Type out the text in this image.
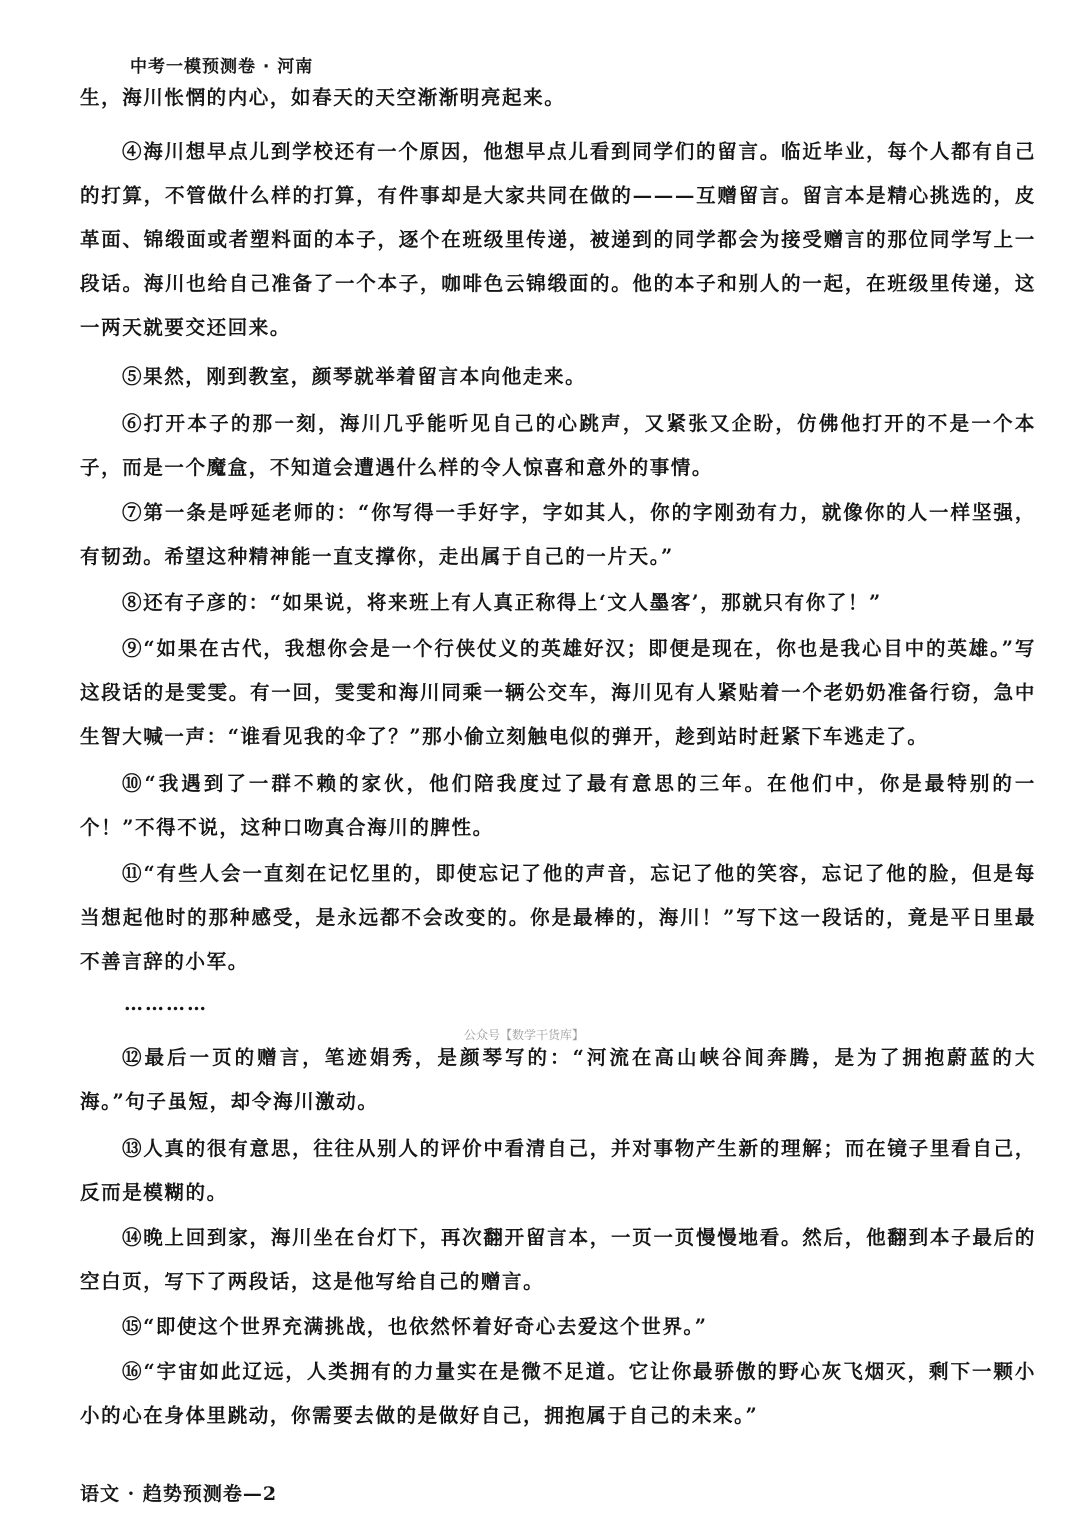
中考一模预测卷 · 河南

生，海川怅惘的内心，如春天的天空渐渐明亮起来。

④海川想早点儿到学校还有一个原因，他想早点儿看到同学们的留言。临近毕业，每个人都有自己的打算，不管做什么样的打算，有件事却是大家共同在做的———互赠留言。留言本是精心挑选的，皮革面、锦缎面或者塑料面的本子，逐个在班级里传递，被递到的同学都会为接受赠言的那位同学写上一段话。海川也给自己准备了一个本子，咖啡色云锦缎面的。他的本子和别人的一起，在班级里传递，这一两天就要交还回来。

⑤果然，刚到教室，颜琴就举着留言本向他走来。

⑥打开本子的那一刻，海川几乎能听见自己的心跳声，又紧张又企盼，仿佛他打开的不是一个本子，而是一个魔盒，不知道会遭遇什么样的令人惊喜和意外的事情。

⑦第一条是呼延老师的：“你写得一手好字，字如其人，你的字刚劲有力，就像你的人一样坚强，有韧劲。希望这种精神能一直支撑你，走出属于自己的一片天。”

⑧还有子彦的：“如果说，将来班上有人真正称得上‘文人墨客’，那就只有你了！”

⑨“如果在古代，我想你会是一个行侠仗义的英雄好汉；即便是现在，你也是我心目中的英雄。”写这段话的是雯雯。有一回，雯雯和海川同乘一辆公交车，海川见有人紧贴着一个老奶奶准备行窃，急中生智大喊一声：“谁看见我的伞了？”那小偷立刻触电似的弹开，趁到站时赶紧下车逃走了。

⑩“我遇到了一群不赖的家伙，他们陪我度过了最有意思的三年。在他们中，你是最特别的一个！”不得不说，这种口吻真合海川的脾性。

⑪“有些人会一直刻在记忆里的，即使忘记了他的声音，忘记了他的笑容，忘记了他的脸，但是每当想起他时的那种感受，是永远都不会改变的。你是最棒的，海川！”写下这一段话的，竟是平日里最不善言辞的小军。

…………
公众号【数学干货库】

⑫最后一页的赠言，笔迹娟秀，是颜琴写的：“河流在高山峡谷间奔腾，是为了拥抱蔚蓝的大海。”句子虽短，却令海川激动。

⑬人真的很有意思，往往从别人的评价中看清自己，并对事物产生新的理解；而在镜子里看自己，反而是模糊的。

⑭晚上回到家，海川坐在台灯下，再次翻开留言本，一页一页慢慢地看。然后，他翻到本子最后的空白页，写下了两段话，这是他写给自己的赠言。

⑮“即使这个世界充满挑战，也依然怀着好奇心去爱这个世界。”

⑯“宇宙如此辽远，人类拥有的力量实在是微不足道。它让你最骄傲的野心灰飞烟灭，剩下一颗小小的心在身体里跳动，你需要去做的是做好自己，拥抱属于自己的未来。”

语文 · 趋势预测卷—2
